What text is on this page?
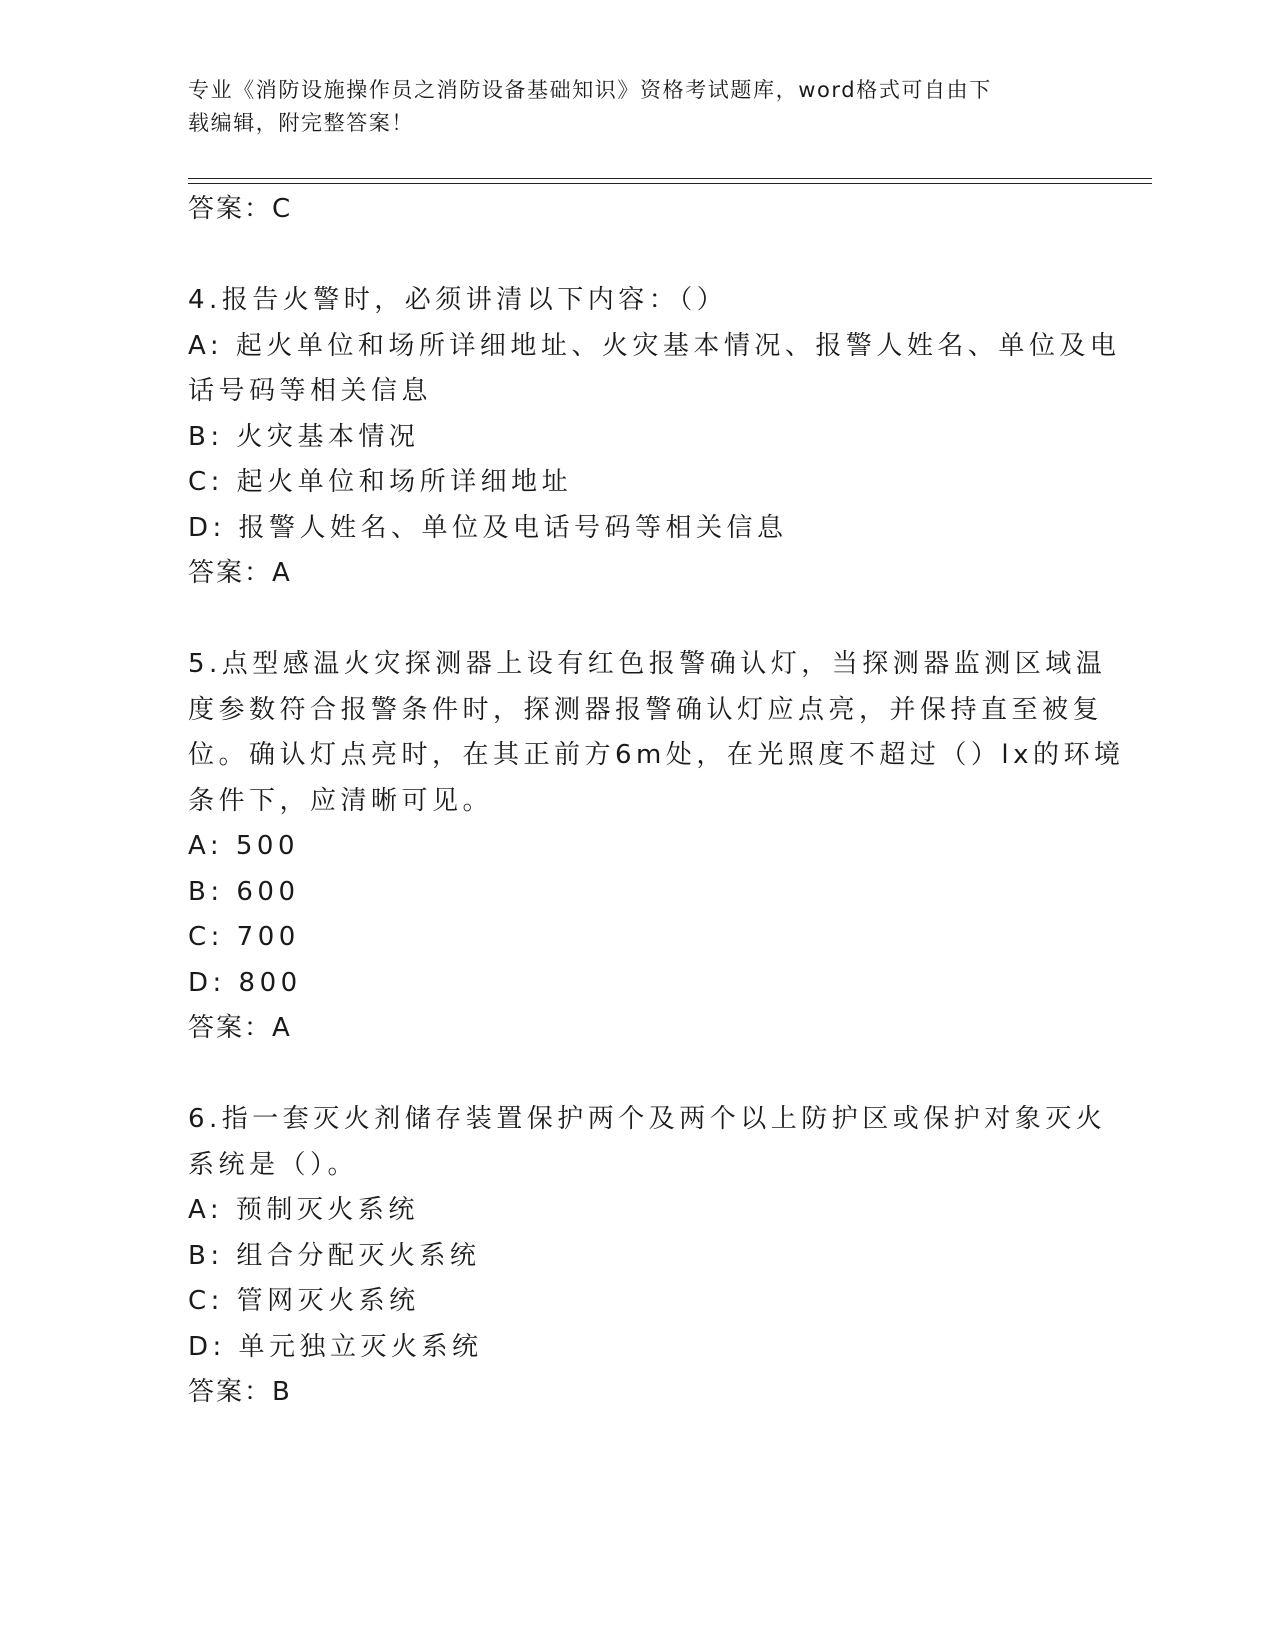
专业《消防设施操作员之消防设备基础知识》资格考试题库，word格式可自由下
载编辑，附完整答案！
答案：C
4.报告火警时，必须讲清以下内容：（）
A: 起火单位和场所详细地址、火灾基本情况、报警人姓名、单位及电
话号码等相关信息
B: 火灾基本情况
C: 起火单位和场所详细地址
D: 报警人姓名、单位及电话号码等相关信息
答案：A
5.点型感温火灾探测器上设有红色报警确认灯，当探测器监测区域温
度参数符合报警条件时，探测器报警确认灯应点亮，并保持直至被复
位。确认灯点亮时，在其正前方6m处，在光照度不超过（）lx的环境
条件下，应清晰可见。
A: 500
B: 600
C: 700
D: 800
答案：A
6.指一套灭火剂储存装置保护两个及两个以上防护区或保护对象灭火
系统是（）。
A: 预制灭火系统
B: 组合分配灭火系统
C: 管网灭火系统
D: 单元独立灭火系统
答案：B
